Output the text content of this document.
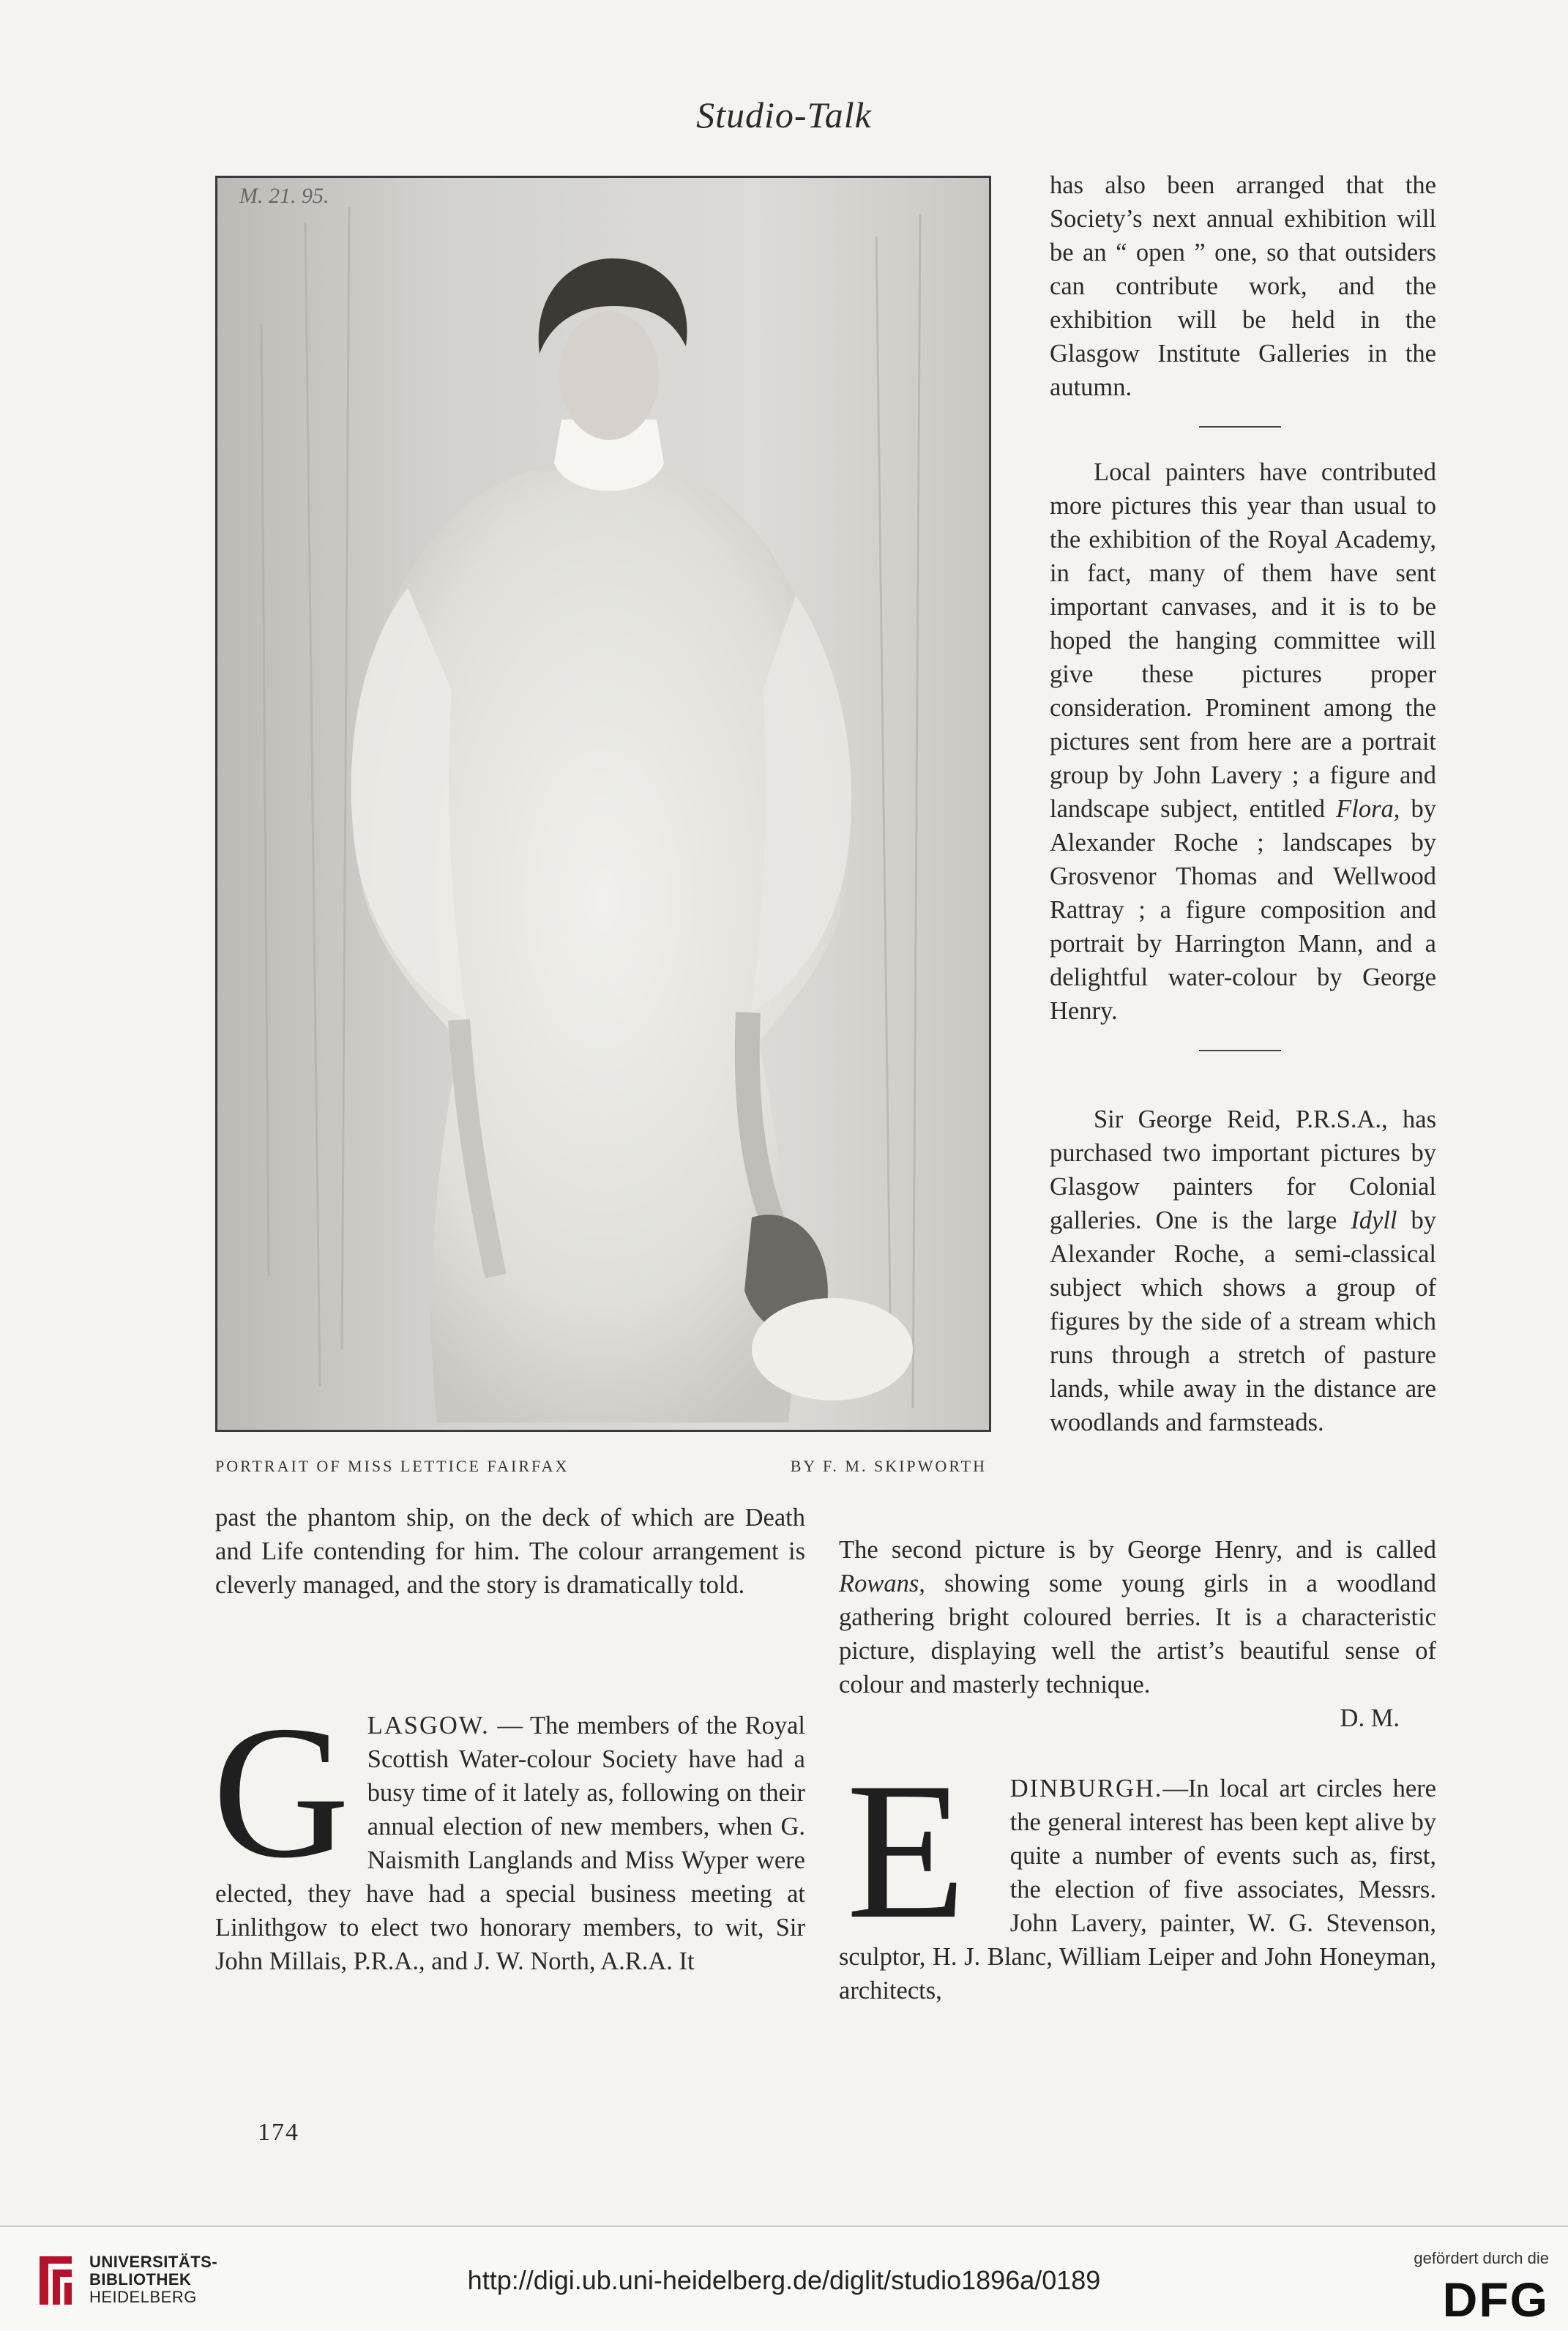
Studio-Talk
M. 21. 95.
PORTRAIT OF MISS LETTICE FAIRFAX	BY F. M. SKIPWORTH

has also been arranged that the Society’s next annual exhibition will be an “ open ” one, so that outsiders can contribute work, and the exhibition will be held in the Glasgow Institute Galleries in the autumn.

Local painters have contributed more pictures this year than usual to the exhibition of the Royal Academy, in fact, many of them have sent important canvases, and it is to be hoped the hanging committee will give these pictures proper consideration. Prominent among the pictures sent from here are a portrait group by John Lavery ; a figure and landscape subject, entitled Flora, by Alexander Roche ; landscapes by Grosvenor Thomas and Wellwood Rattray ; a figure composition and portrait by Harrington Mann, and a delightful water-colour by George Henry.

Sir George Reid, P.R.S.A., has purchased two important pictures by Glasgow painters for Colonial galleries. One is the large Idyll by Alexander Roche, a semi-classical subject which shows a group of figures by the side of a stream which runs through a stretch of pasture lands, while away in the distance are woodlands and farmsteads.

past the phantom ship, on the deck of which are Death and Life contending for him. The colour arrangement is cleverly managed, and the story is dramatically told.

The second picture is by George Henry, and is called Rowans, showing some young girls in a woodland gathering bright coloured berries. It is a characteristic picture, displaying well the artist’s beautiful sense of colour and masterly technique.

D. M.

GLASGOW. — The members of the Royal Scottish Water-colour Society have had a busy time of it lately as, following on their annual election of new members, when G. Naismith Langlands and Miss Wyper were elected, they have had a special business meeting at Linlithgow to elect two honorary members, to wit, Sir John Millais, P.R.A., and J. W. North, A.R.A. It

E DINBURGH.—In local art circles here the general interest has been kept alive by quite a number of events such as, first, the election of five associates, Messrs. John Lavery, painter, W. G. Stevenson, sculptor, H. J. Blanc, William Leiper and John Honeyman, architects,

174
UNIVERSITÄTS-
BIBLIOTHEK
HEIDELBERG
http://digi.ub.uni-heidelberg.de/diglit/studio1896a/0189
gefördert durch die
DFG
